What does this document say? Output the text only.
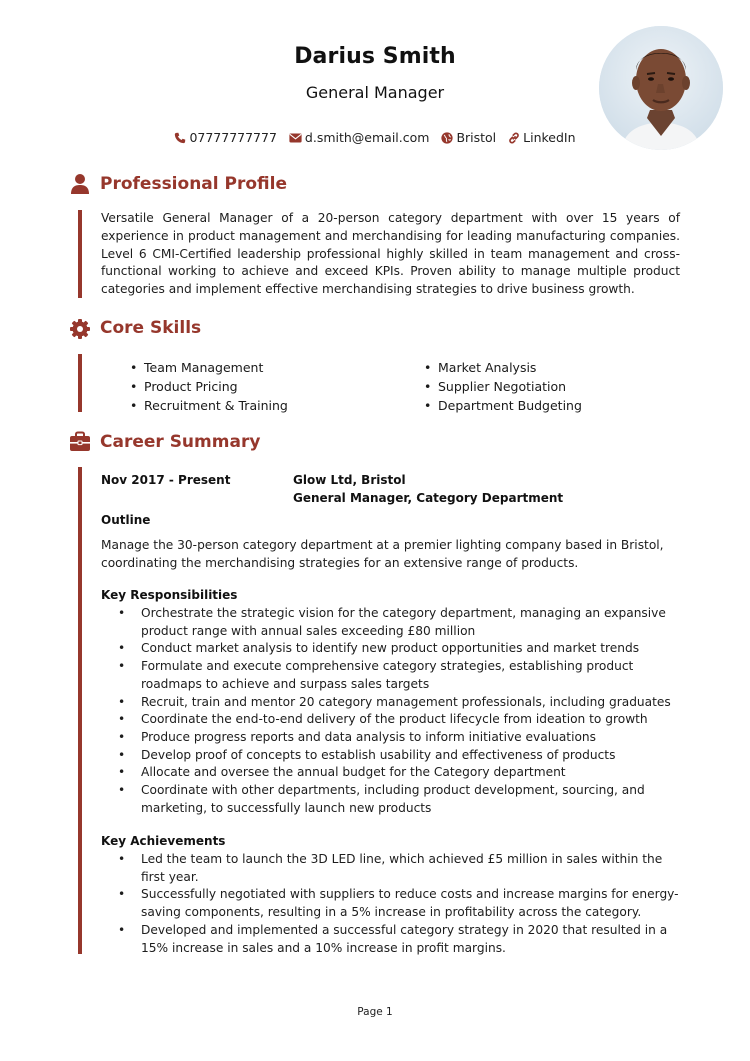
Darius Smith
General Manager
07777777777 d.smith@email.com Bristol LinkedIn
Professional Profile
Versatile General Manager of a 20-person category department with over 15 years of experience in product management and merchandising for leading manufacturing companies. Level 6 CMI-Certified leadership professional highly skilled in team management and cross-functional working to achieve and exceed KPIs. Proven ability to manage multiple product categories and implement effective merchandising strategies to drive business growth.
Core Skills
• Team Management
• Product Pricing
• Recruitment & Training
• Market Analysis
• Supplier Negotiation
• Department Budgeting
Career Summary
Nov 2017 - Present	Glow Ltd, Bristol
General Manager, Category Department
Outline
Manage the 30-person category department at a premier lighting company based in Bristol, coordinating the merchandising strategies for an extensive range of products.
Key Responsibilities
• Orchestrate the strategic vision for the category department, managing an expansive product range with annual sales exceeding £80 million
• Conduct market analysis to identify new product opportunities and market trends
• Formulate and execute comprehensive category strategies, establishing product roadmaps to achieve and surpass sales targets
• Recruit, train and mentor 20 category management professionals, including graduates
• Coordinate the end-to-end delivery of the product lifecycle from ideation to growth
• Produce progress reports and data analysis to inform initiative evaluations
• Develop proof of concepts to establish usability and effectiveness of products
• Allocate and oversee the annual budget for the Category department
• Coordinate with other departments, including product development, sourcing, and marketing, to successfully launch new products
Key Achievements
• Led the team to launch the 3D LED line, which achieved £5 million in sales within the first year.
• Successfully negotiated with suppliers to reduce costs and increase margins for energy-saving components, resulting in a 5% increase in profitability across the category.
• Developed and implemented a successful category strategy in 2020 that resulted in a 15% increase in sales and a 10% increase in profit margins.
Page 1
